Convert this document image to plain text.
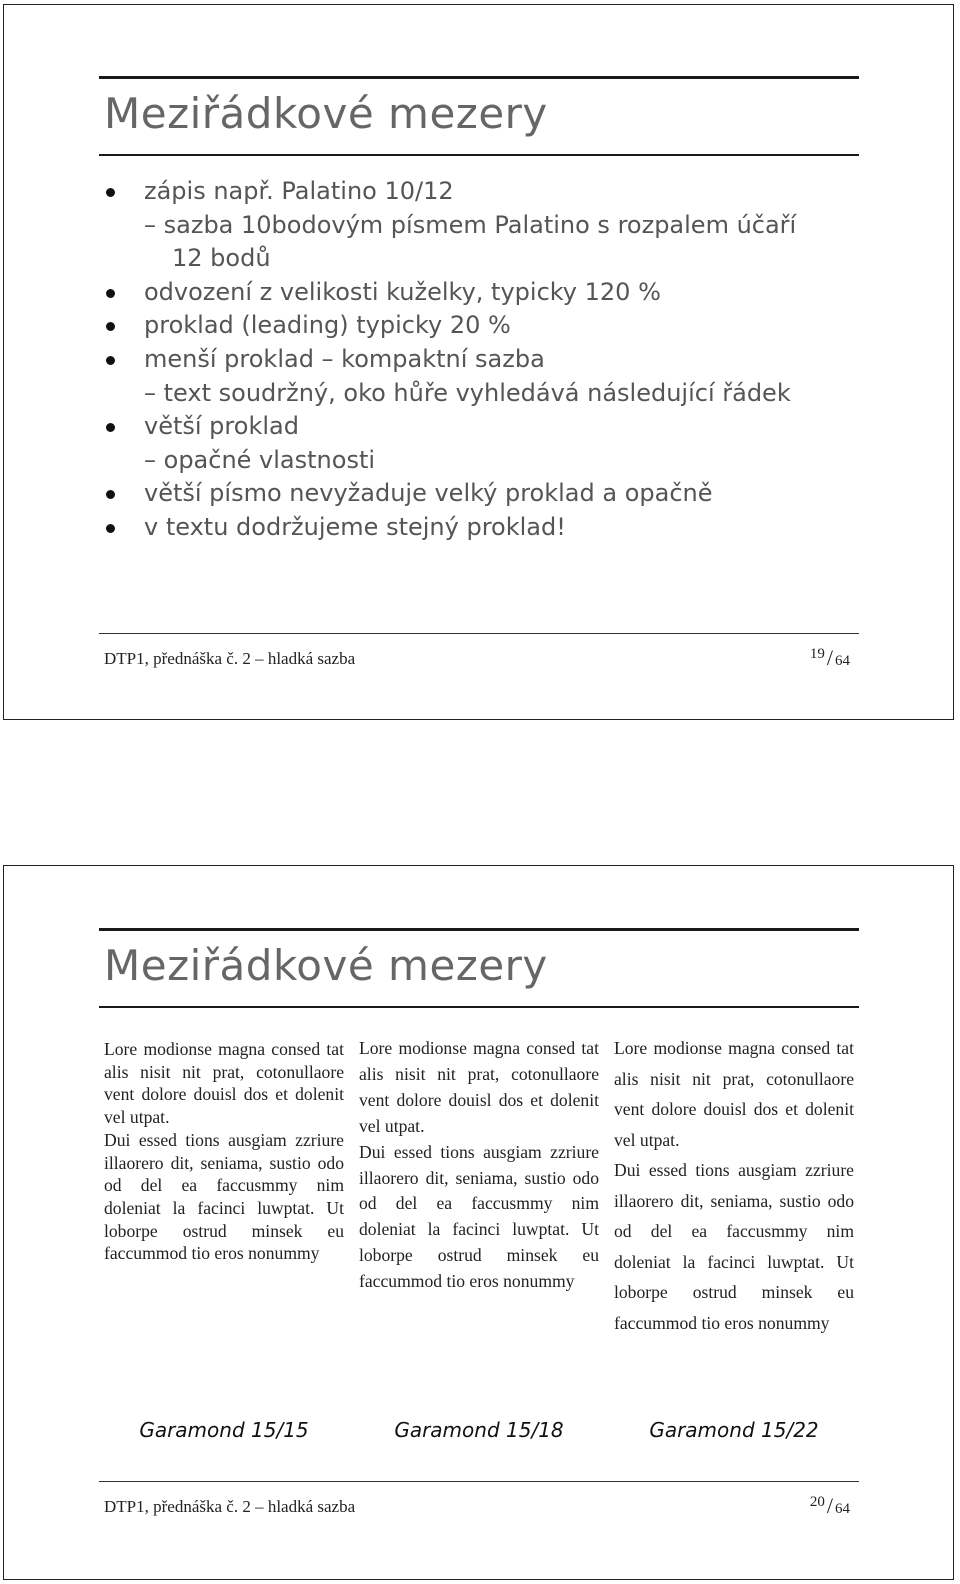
Meziřádkové mezery
zápis např. Palatino 10/12
– sazba 10bodovým písmem Palatino s rozpalem účaří
12 bodů
odvození z velikosti kuželky, typicky 120 %
proklad (leading) typicky 20 %
menší proklad – kompaktní sazba
– text soudržný, oko hůře vyhledává následující řádek
větší proklad
– opačné vlastnosti
větší písmo nevyžaduje velký proklad a opačně
v textu dodržujeme stejný proklad!
DTP1, přednáška č. 2 – hladká sazba	19/ 64
Meziřádkové mezery

Lore modionse magna consed tat alis nisit nit prat, cotonullaore vent dolore douisl dos et dolenit vel utpat.

Dui essed tions ausgiam zzriure illaorero dit, seniama, sustio odo od del ea faccusmmy nim doleniat la facinci luwptat. Ut loborpe ostrud minsek eu faccummod tio eros nonummy

Lore modionse magna consed tat alis nisit nit prat, cotonullaore vent dolore douisl dos et dolenit vel utpat.

Dui essed tions ausgiam zzriure illaorero dit, seniama, sustio odo od del ea faccusmmy nim doleniat la facinci luwptat. Ut loborpe ostrud minsek eu faccummod tio eros nonummy

Lore modionse magna consed tat alis nisit nit prat, cotonullaore vent dolore douisl dos et dolenit vel utpat.

Dui essed tions ausgiam zzriure illaorero dit, seniama, sustio odo od del ea faccusmmy nim doleniat la facinci luwptat. Ut loborpe ostrud minsek eu faccummod tio eros nonummy

Garamond 15/15	Garamond 15/18	Garamond 15/22
DTP1, přednáška č. 2 – hladká sazba	20/ 64
